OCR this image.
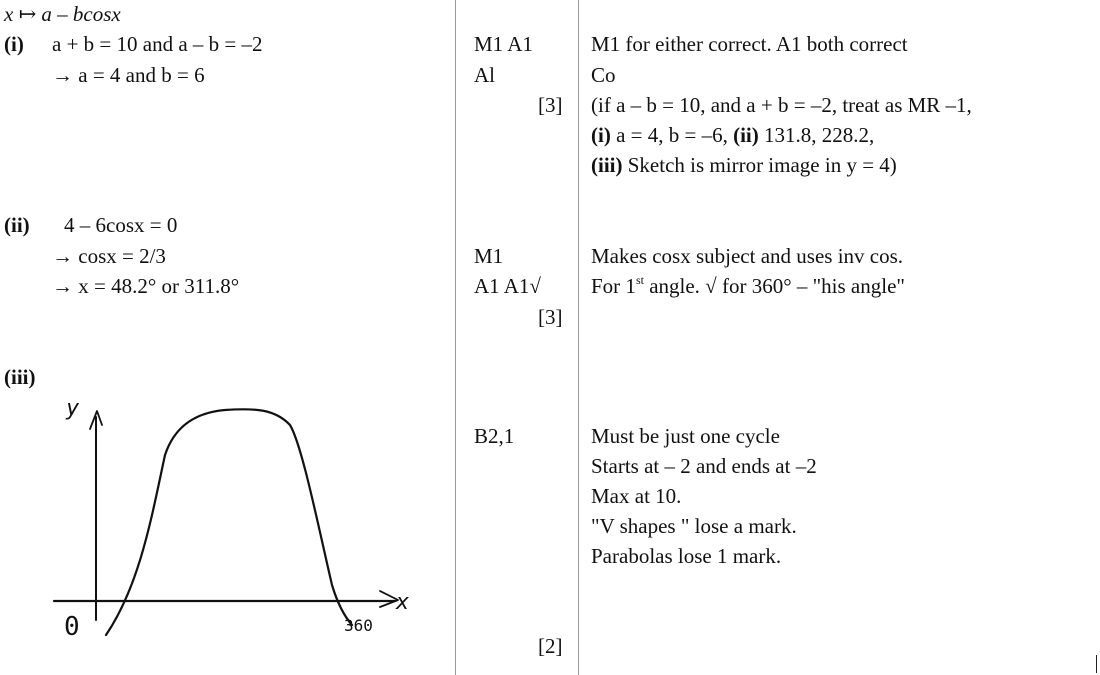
x ↦ a – bcosx
(i) a + b = 10 and a – b = –2
→ a = 4 and b = 6
M1 A1
Al
[3]
M1 for either correct. A1 both correct
Co
(if a – b = 10, and a + b = –2, treat as MR –1,
(i) a = 4, b = –6, (ii) 131.8, 228.2,
(iii) Sketch is mirror image in y = 4)
(ii) 4 – 6cosx = 0
→ cosx = 2/3
→ x = 48.2° or 311.8°
M1
A1 A1√
[3]
Makes cosx subject and uses inv cos.
For 1st angle. √ for 360° – "his angle"
(iii)
y
x
0	360
B2,1
[2]
Must be just one cycle
Starts at – 2 and ends at –2
Max at 10.
"V shapes " lose a mark.
Parabolas lose 1 mark.
